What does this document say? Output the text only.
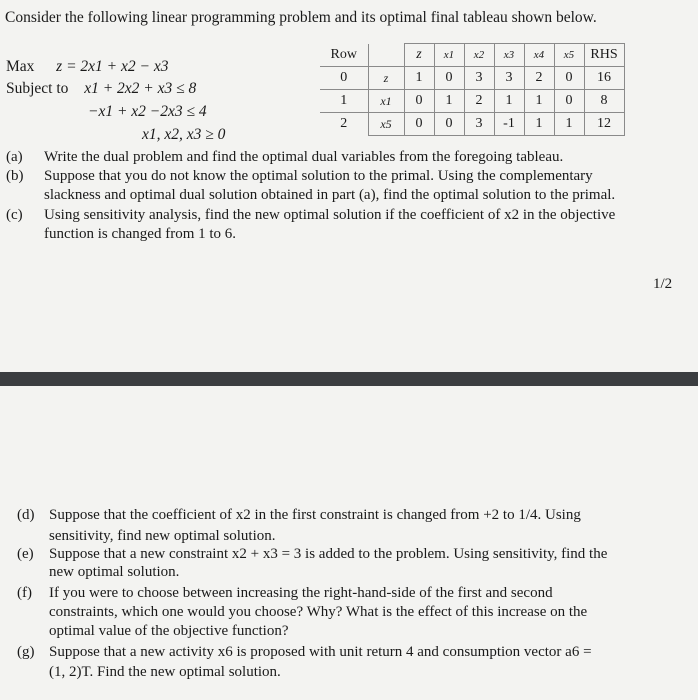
Consider the following linear programming problem and its optimal final tableau shown below.
Max z = 2x1 + x2 − x3
Subject to x1 + 2x2 + x3 ≤ 8
−x1 + x2 −2x3 ≤ 4
x1, x2, x3 ≥ 0
Row		z	x1	x2	x3	x4	x5	RHS
0	z	1	0	3	3	2	0	16
1	x1	0	1	2	1	1	0	8
2	x5	0	0	3	-1	1	1	12
(a) Write the dual problem and find the optimal dual variables from the foregoing tableau.
(b) Suppose that you do not know the optimal solution to the primal. Using the complementary
slackness and optimal dual solution obtained in part (a), find the optimal solution to the primal.
(c) Using sensitivity analysis, find the new optimal solution if the coefficient of x2 in the objective
function is changed from 1 to 6.
1/2
(d) Suppose that the coefficient of x2 in the first constraint is changed from +2 to 1/4. Using
sensitivity, find new optimal solution.
(e) Suppose that a new constraint x2 + x3 = 3 is added to the problem. Using sensitivity, find the
new optimal solution.
(f) If you were to choose between increasing the right-hand-side of the first and second
constraints, which one would you choose? Why? What is the effect of this increase on the
optimal value of the objective function?
(g) Suppose that a new activity x6 is proposed with unit return 4 and consumption vector a6 =
(1, 2)T. Find the new optimal solution.
